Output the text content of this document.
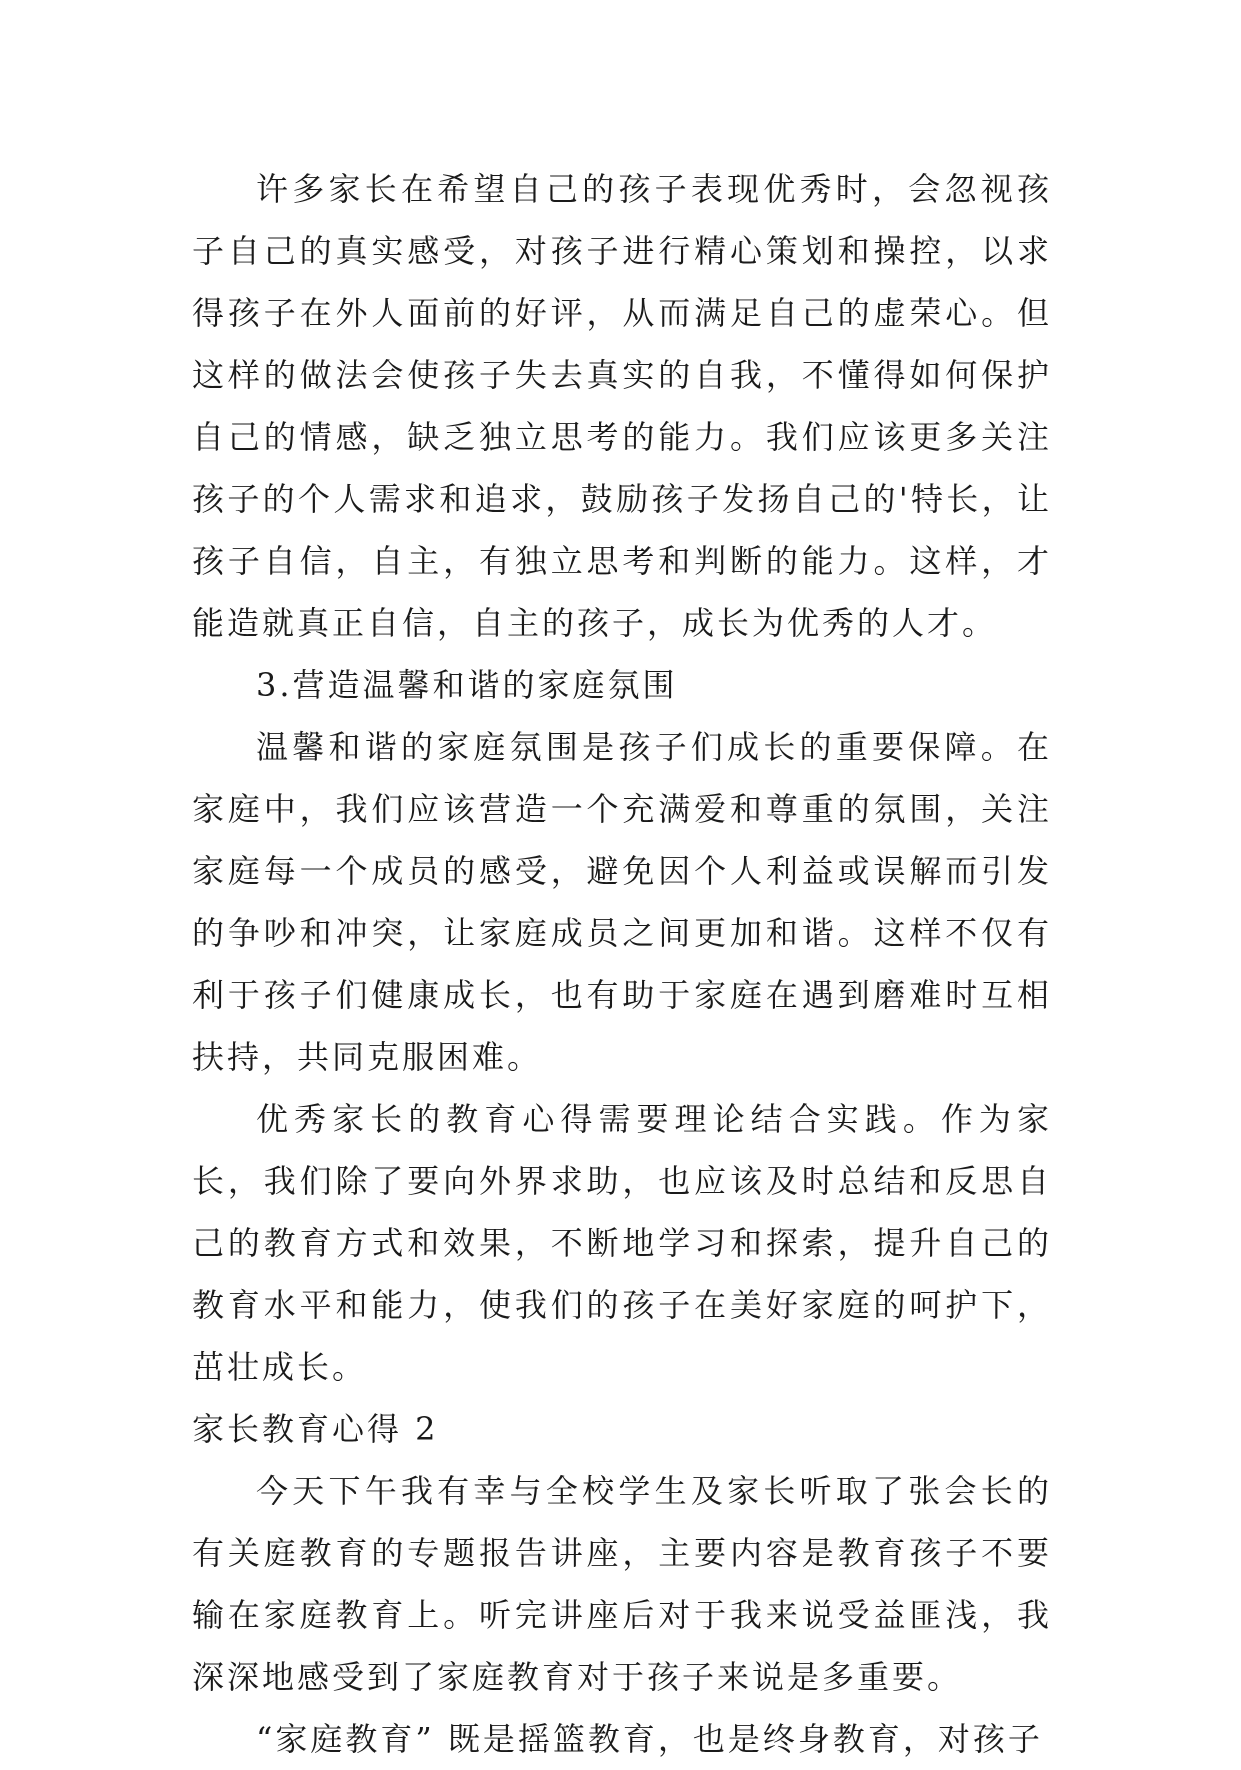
许多家长在希望自己的孩子表现优秀时，会忽视孩子自己的真实感受，对孩子进行精心策划和操控，以求得孩子在外人面前的好评，从而满足自己的虚荣心。但这样的做法会使孩子失去真实的自我，不懂得如何保护自己的情感，缺乏独立思考的能力。我们应该更多关注孩子的个人需求和追求，鼓励孩子发扬自己的'特长，让孩子自信，自主，有独立思考和判断的能力。这样，才能造就真正自信，自主的孩子，成长为优秀的人才。

3.营造温馨和谐的家庭氛围

温馨和谐的家庭氛围是孩子们成长的重要保障。在家庭中，我们应该营造一个充满爱和尊重的氛围，关注家庭每一个成员的感受，避免因个人利益或误解而引发的争吵和冲突，让家庭成员之间更加和谐。这样不仅有利于孩子们健康成长，也有助于家庭在遇到磨难时互相扶持，共同克服困难。

优秀家长的教育心得需要理论结合实践。作为家长，我们除了要向外界求助，也应该及时总结和反思自己的教育方式和效果，不断地学习和探索，提升自己的教育水平和能力，使我们的孩子在美好家庭的呵护下，茁壮成长。

家长教育心得 2

今天下午我有幸与全校学生及家长听取了张会长的有关庭教育的专题报告讲座，主要内容是教育孩子不要输在家庭教育上。听完讲座后对于我来说受益匪浅，我深深地感受到了家庭教育对于孩子来说是多重要。

“家庭教育” 既是摇篮教育，也是终身教育，对孩子
